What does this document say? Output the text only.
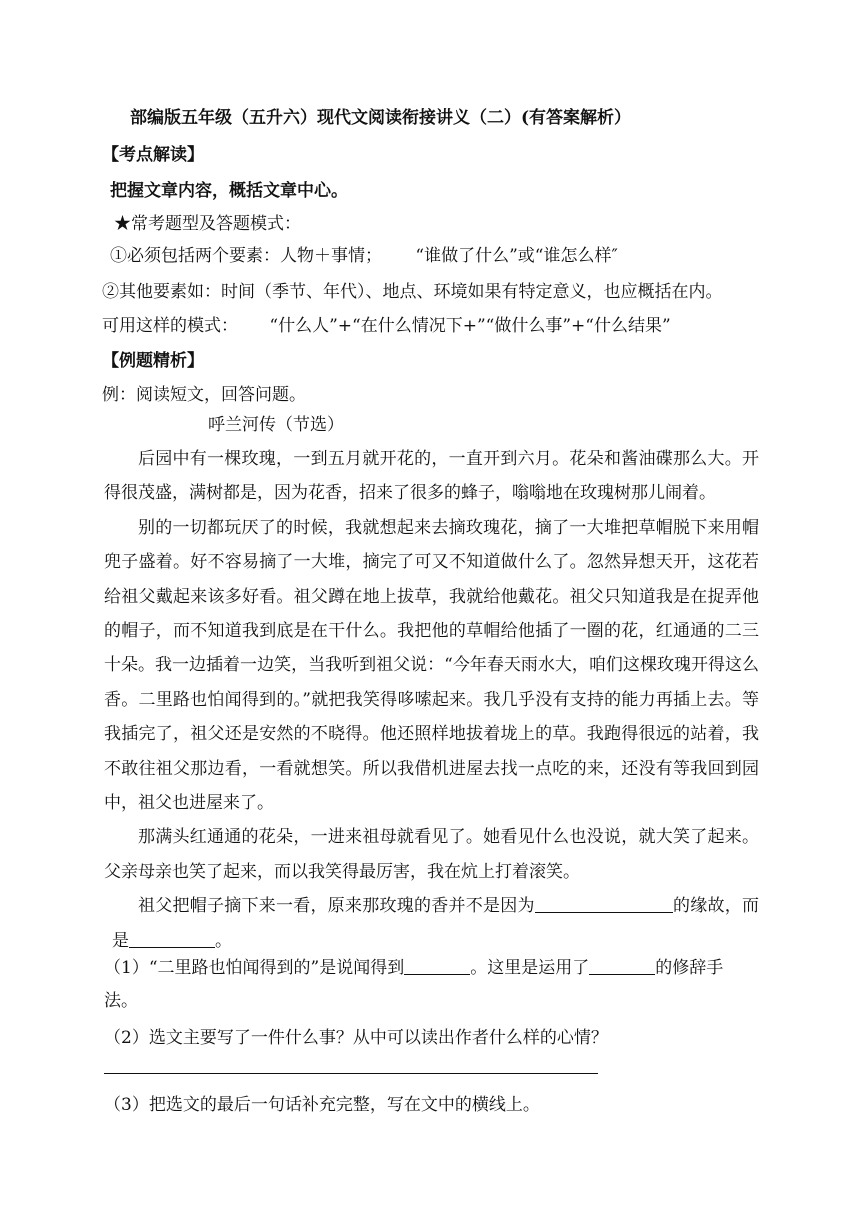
部编版五年级（五升六）现代文阅读衔接讲义（二）(有答案解析）
【考点解读】
把握文章内容，概括文章中心。
★常考题型及答题模式：
①必须包括两个要素：人物＋事情； “谁做了什么”或“谁怎么样″
②其他要素如：时间（季节、年代）、地点、环境如果有特定意义，也应概括在内。
可用这样的模式： “什么人”+“在什么情况下+”“做什么事”+“什么结果”
【例题精析】
例：阅读短文，回答问题。
呼兰河传（节选）

后园中有一棵玫瑰，一到五月就开花的，一直开到六月。花朵和酱油碟那么大。开得很茂盛，满树都是，因为花香，招来了很多的蜂子，嗡嗡地在玫瑰树那儿闹着。

别的一切都玩厌了的时候，我就想起来去摘玫瑰花，摘了一大堆把草帽脱下来用帽兜子盛着。好不容易摘了一大堆，摘完了可又不知道做什么了。忽然异想天开，这花若给祖父戴起来该多好看。祖父蹲在地上拔草，我就给他戴花。祖父只知道我是在捉弄他的帽子，而不知道我到底是在干什么。我把他的草帽给他插了一圈的花，红通通的二三十朵。我一边插着一边笑，当我听到祖父说：“今年春天雨水大，咱们这棵玫瑰开得这么香。二里路也怕闻得到的。”就把我笑得哆嗦起来。我几乎没有支持的能力再插上去。等我插完了，祖父还是安然的不晓得。他还照样地拔着垅上的草。我跑得很远的站着，我不敢往祖父那边看，一看就想笑。所以我借机进屋去找一点吃的来，还没有等我回到园中，祖父也进屋来了。

那满头红通通的花朵，一进来祖母就看见了。她看见什么也没说，就大笑了起来。父亲母亲也笑了起来，而以我笑得最厉害，我在炕上打着滚笑。

祖父把帽子摘下来一看，原来那玫瑰的香并不是因为	的缘故，而是	。

（1）“二里路也怕闻得到的”是说闻得到	。这里是运用了	的修辞手
法。
（2）选文主要写了一件什么事？从中可以读出作者什么样的心情？
（3）把选文的最后一句话补充完整，写在文中的横线上。
